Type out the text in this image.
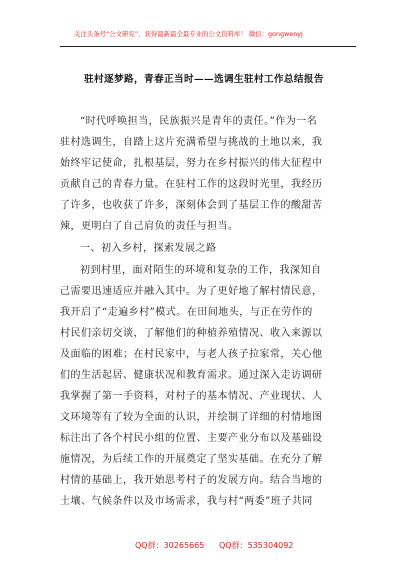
关注头条号“公文研究”，获得最新最全最专业的公文资料库！ 微信：gongwenyj
驻村逐梦路，青春正当时——选调生驻村工作总结报告
“时代呼唤担当，民族振兴是青年的责任。”作为一名
驻村选调生，自踏上这片充满希望与挑战的土地以来，我
始终牢记使命，扎根基层，努力在乡村振兴的伟大征程中
贡献自己的青春力量。在驻村工作的这段时光里，我经历
了许多，也收获了许多，深刻体会到了基层工作的酸甜苦
辣，更明白了自己肩负的责任与担当。
一、初入乡村，探索发展之路
初到村里，面对陌生的环境和复杂的工作，我深知自
己需要迅速适应并融入其中。为了更好地了解村情民意，
我开启了“走遍乡村”模式。在田间地头，与正在劳作的
村民们亲切交谈，了解他们的种植养殖情况、收入来源以
及面临的困难；在村民家中，与老人孩子拉家常，关心他
们的生活起居、健康状况和教育需求。通过深入走访调研
我掌握了第一手资料，对村子的基本情况、产业现状、人
文环境等有了较为全面的认识，并绘制了详细的村情地图
标注出了各个村民小组的位置、主要产业分布以及基础设
施情况，为后续工作的开展奠定了坚实基础。在充分了解
村情的基础上，我开始思考村子的发展方向。结合当地的
土壤、气候条件以及市场需求，我与村“两委”班子共同
QQ群：30265665 QQ群：535304092
